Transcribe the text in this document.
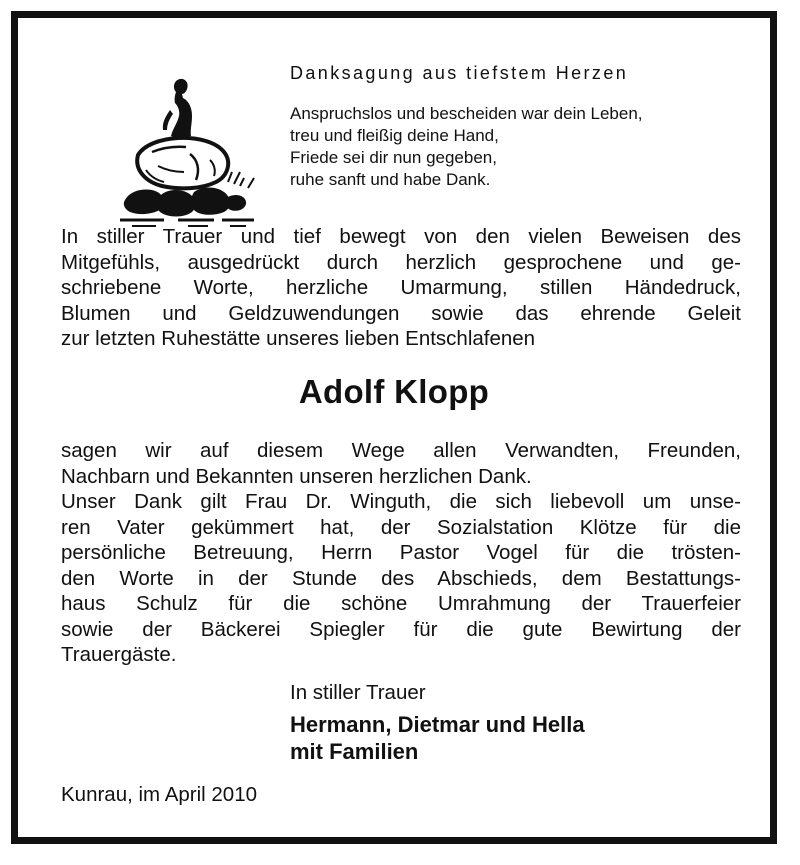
Danksagung aus tiefstem Herzen
Anspruchslos und bescheiden war dein Leben,
treu und fleißig deine Hand,
Friede sei dir nun gegeben,
ruhe sanft und habe Dank.

In stiller Trauer und tief bewegt von den vielen Beweisen des
Mitgefühls, ausgedrückt durch herzlich gesprochene und ge-
schriebene Worte, herzliche Umarmung, stillen Händedruck,
Blumen und Geldzuwendungen sowie das ehrende Geleit
zur letzten Ruhestätte unseres lieben Entschlafenen

Adolf Klopp

sagen wir auf diesem Wege allen Verwandten, Freunden,
Nachbarn und Bekannten unseren herzlichen Dank.

Unser Dank gilt Frau Dr. Winguth, die sich liebevoll um unse-
ren Vater gekümmert hat, der Sozialstation Klötze für die
persönliche Betreuung, Herrn Pastor Vogel für die trösten-
den Worte in der Stunde des Abschieds, dem Bestattungs-
haus Schulz für die schöne Umrahmung der Trauerfeier
sowie der Bäckerei Spiegler für die gute Bewirtung der
Trauergäste.

In stiller Trauer
Hermann, Dietmar und Hella
mit Familien
Kunrau, im April 2010
